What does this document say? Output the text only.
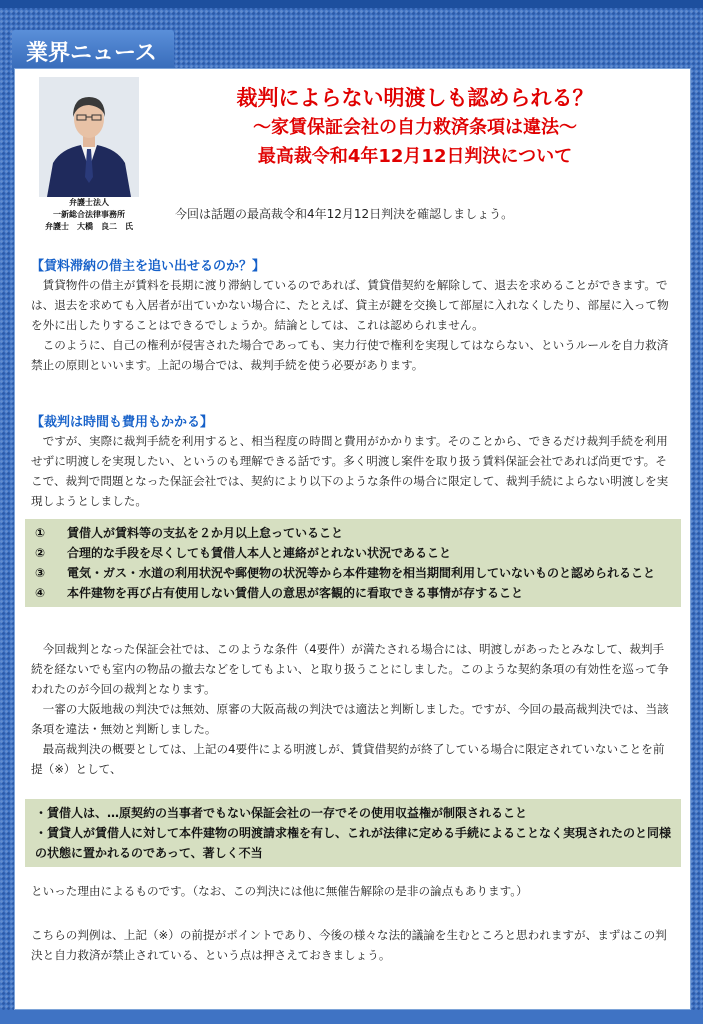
業界ニュース
弁護士法人
一新総合法律事務所
弁護士　大橋　良二　氏
裁判によらない明渡しも認められる？
～家賃保証会社の自力救済条項は違法～
最高裁令和4年12月12日判決について
今回は話題の最高裁令和4年12月12日判決を確認しましょう。
【賃料滞納の借主を追い出せるのか？】

賃貸物件の借主が賃料を長期に渡り滞納しているのであれば、賃貸借契約を解除して、退去を求めることができます。では、退去を求めても入居者が出ていかない場合に、たとえば、貸主が鍵を交換して部屋に入れなくしたり、部屋に入って物を外に出したりすることはできるでしょうか。結論としては、これは認められません。

このように、自己の権利が侵害された場合であっても、実力行使で権利を実現してはならない、というルールを自力救済禁止の原則といいます。上記の場合では、裁判手続を使う必要があります。

【裁判は時間も費用もかかる】

ですが、実際に裁判手続を利用すると、相当程度の時間と費用がかかります。そのことから、できるだけ裁判手続を利用せずに明渡しを実現したい、というのも理解できる話です。多く明渡し案件を取り扱う賃料保証会社であれば尚更です。そこで、裁判で問題となった保証会社では、契約により以下のような条件の場合に限定して、裁判手続によらない明渡しを実現しようとしました。

①	賃借人が賃料等の支払を２か月以上怠っていること
②	合理的な手段を尽くしても賃借人本人と連絡がとれない状況であること
③	電気・ガス・水道の利用状況や郵便物の状況等から本件建物を相当期間利用していないものと認められること
④	本件建物を再び占有使用しない賃借人の意思が客観的に看取できる事情が存すること

今回裁判となった保証会社では、このような条件（4要件）が満たされる場合には、明渡しがあったとみなして、裁判手続を経ないでも室内の物品の撤去などをしてもよい、と取り扱うことにしました。このような契約条項の有効性を巡って争われたのが今回の裁判となります。

一審の大阪地裁の判決では無効、原審の大阪高裁の判決では適法と判断しました。ですが、今回の最高裁判決では、当該条項を違法・無効と判断しました。

最高裁判決の概要としては、上記の4要件による明渡しが、賃貸借契約が終了している場合に限定されていないことを前提（※）として、

・賃借人は、…原契約の当事者でもない保証会社の一存でその使用収益権が制限されること
・賃貸人が賃借人に対して本件建物の明渡請求権を有し、これが法律に定める手続によることなく実現されたのと同様の状態に置かれるのであって、著しく不当
といった理由によるものです。（なお、この判決には他に無催告解除の是非の論点もあります。）
こちらの判例は、上記（※）の前提がポイントであり、今後の様々な法的議論を生むところと思われますが、まずはこの判決と自力救済が禁止されている、という点は押さえておきましょう。
